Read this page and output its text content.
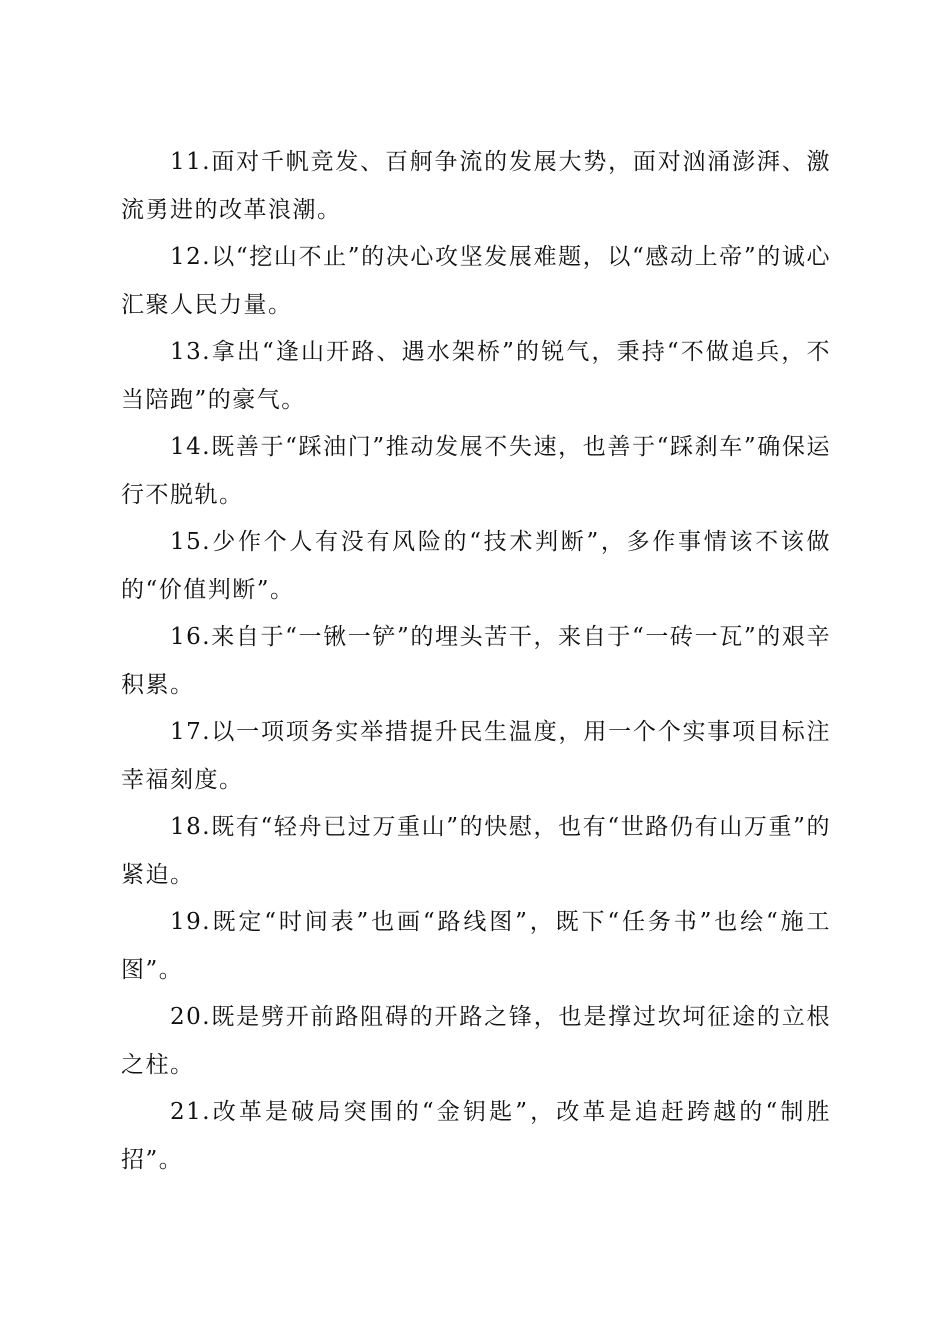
11.面对千帆竞发、百舸争流的发展大势，面对汹涌澎湃、激流勇进的改革浪潮。

12.以“挖山不止”的决心攻坚发展难题，以“感动上帝”的诚心汇聚人民力量。

13.拿出“逢山开路、遇水架桥”的锐气，秉持“不做追兵，不当陪跑”的豪气。

14.既善于“踩油门”推动发展不失速，也善于“踩刹车”确保运行不脱轨。

15.少作个人有没有风险的“技术判断”，多作事情该不该做的“价值判断”。

16.来自于“一锹一铲”的埋头苦干，来自于“一砖一瓦”的艰辛积累。

17.以一项项务实举措提升民生温度，用一个个实事项目标注幸福刻度。

18.既有“轻舟已过万重山”的快慰，也有“世路仍有山万重”的紧迫。

19.既定“时间表”也画“路线图”，既下“任务书”也绘“施工图”。

20.既是劈开前路阻碍的开路之锋，也是撑过坎坷征途的立根之柱。

21.改革是破局突围的“金钥匙”，改革是追赶跨越的“制胜招”。
